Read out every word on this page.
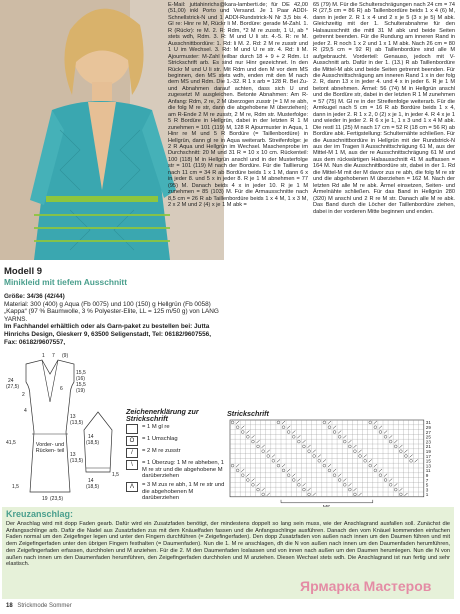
Modell 9
Minikleid mit tiefem Ausschnitt
Größe: 34/36 (42/44)
Material: 300 (400) g Aqua (Fb 0075) und 100 (150) g Hellgrün (Fb 0058) „Kappa“ (97 % Baumwolle, 3 % Polyester-Elite, LL = 125 m/50 g) von LANG YARNS.
Im Fachhandel erhältlich oder als Garn-paket zu bestellen bei: Jutta Hinrichs Design, Gieskerr 9, 63500 Seligenstadt, Tel: 06182/9607556, Fax: 06182/9607557,
E-Mail: juttahinrichs@kara-lamberti.de; für DE 42,00 (51,00) inkl Porto und Versand. Je 1 Paar ADDI-Schnellstrick-N und 1 ADDI-Rundstrick-N Nr 3,5 bis 4. Gl re: Hinr re M, Rückr li M. Bordüre: gerade M-Zahl. 1. R (Rückr): re M. 2. R: Rdm, *2 M re zusstr, 1 U, ab * stets wdh, Rdm. 3. R: M und U li str. 4.-5. R: re M. Ausschnittbordüre: 1. Rd: li M. 2. Rd: 2 M re zusstr und 1 U im Wechsel. 3. Rd: M und U re str. 4. Rd: li M. Ajourmuster: M-Zahl teilbar durch 18 + 9 + 2 Rdm. Lt Strickschrift arb. Es sind nur Hinr gezeichnet. In den Rückr M und U li str. Mit Rdm und den M vor dem MS beginnen, den MS stets wdh, enden mit den M nach dem MS und Rdm. Die 1.-32. R 1 x arb = 128 R. Bei Zu- und Abnahmen darauf achten, dass sich U und zugesetzt M ausgleichen. Betonte Abnahmen: Am R-Anfang: Rdm, 2 re, 2 M überzogen zusstr (= 1 M re abh, die folg M re str, dann die abgehobene M überziehen); am R-Ende 2 M re zusstr, 2 M re, Rdm str. Musterfolge: 5 R Bordüre in Hellgrün, dabei in der letzten R 1 M zunehmen = 101 (119) M, 128 R Ajourmuster in Aqua, 1 Hinr re M und 5 R Bordüre (= Taillenbordüre) in Hellgrün, dann gl re in Aqua weiterarb. Streifenfolge: je 2 R Aqua und Hellgrün im Wechsel. Maschenprobe im Durchschnitt: 20 M und 31 R = 10 x 10 cm. Rückenteil: 100 (118) M in Hellgrün anschl und in der Musterfolge str = 101 (119) M nach der Bordüre. Für die Taillierung nach 11 cm = 34 R ab Bordüre beids 1 x 1 M, dann 6 x in jeder 8. und 5 x in jeder 8. R je 1 M abnehmen = 77 (95) M. Danach beids 4 x in jeder 10. R je 1 M zunehmen = 85 (103) M. Für die Armausschnitte nach 8,5 cm = 26 R ab Taillenbordüre beids 1 x 4 M, 1 x 3 M, 2 x 2 M und 2 (4) x je 1 M abk =
65 (79) M. Für die Schulterschrägungen nach 24 cm = 74 R (27,5 cm = 86 R) ab Taillenbordüre beids 1 x 4 (6) M, dann in jeder 2. R 1 x 4 und 2 x je 5 (3 x je 5) M abk. Gleichzeitig mit der 1. Schulterabnahme für den Halsausschnitt die mittl 31 M abk und beide Seiten getrennt beenden. Für die Rundung am inneren Rand in jeder 2. R noch 1 x 2 und 1 x 1 M abk. Nach 26 cm = 80 R (29,5 cm = 92 R) ab Taillenbordüre sind alle M aufgebraucht. Vorderteil: Genauso, jedoch mit V-Ausschnitt arb. Dafür in der 1. (13.) R ab Taillenbordüre die Mittel-M abk und beide Seiten getrennt beenden. Für die Ausschnittschrägung am inneren Rand 1 x in der folg 2. R, dann 13 x in jeder 4. und 4 x in jeder 6. R je 1 M betont abnehmen. Ärmel: 56 (74) M in Hellgrün anschl und die Bordüre str, dabei in der letzten R 1 M zunehmen = 57 (75) M. Gl re in der Streifenfolge weiterarb. Für die Armkugel nach 5 cm = 16 R ab Bordüre beids 1 x 4, dann in jeder 2. R 1 x 2, 0 (2) x je 1, in jeder 4. R 4 x je 1 und wieder in jeder 2. R 6 x je 1, 1 x 3 und 1 x 4 M abk. Die restl 11 (25) M nach 17 cm = 52 R (18 cm = 56 R) ab Bordüre abk. Fertigstellung: Schulternähte schließen. Für die Ausschnittbordüre in Hellgrün mit der Rundstrick-N aus der im Tragen li Ausschnittschrägung 61 M, aus der Mittel-M 1 M, aus der re Ausschnittschrägung 61 M und aus dem rückwärtigen Halsausschnitt 41 M auffassen = 164 M. Nun die Ausschnittbordüre str, dabei in der 1. Rd die Mittel-M mit der M davor zus re abh, die folg M re str und die abgehobenen M überziehen = 162 M. Nach der letzten Rd alle M re abk. Ärmel einsetzen, Seiten- und Ärmelnähte schließen. Für das Band in Hellgrün 280 (320) M anschl und 2 R re M str. Danach alle M re abk. Das Band durch die Löcher der Taillenbordüre ziehen, dabei in der vorderen Mitte beginnen und enden.
1 7
15,5
(9)
(16)
24
(27,5)
2
15,5
(19)
4
13
(13,5)
41,5
13
(13,5)
1,5
19 (23,5)
6
14
(18,5)
14
(18,5)
1,5
Vorder- und Rücken- teil
Zeichenerklärung zur Strickschrift
= 1 M gl re
O	= 1 Umschlag
/	= 2 M re zusstr
\	= 1 Überzug: 1 M re abheben, 1 M re str und die abgehobene M darüberziehen
Λ	= 3 M zus re abh, 1 M re str und die abgehobenen M darüberziehen
Strickschrift
31
29
27
25
23
21
19
17
15
13
11
9
7
5
3
1
Kreuzanschlag:
Der Anschlag wird mit dopp Faden gearb. Dafür wird ein Zusatzfaden benötigt, der mindestens doppelt so lang sein muss, wie der Anschlagrand ausfallen soll. Zunächst die Anfangsschlinge arb. Dafür die Nadel aus Zusatzfaden zus mit dem Knäuelfaden fassen und die Anfangsschlinge ausführen. Danach den vom Knäuel kommenden einfachen Faden normal um den Zeigefinger legen und unter den Fingern durchführen (= Zeigefingerfaden). Den dopp Zusatzfaden von außen nach innen um den Daumen führen und mit dem Zeigefingerfaden unter den übrigen Fingern festhalten (= Daumenfaden). Nun die 1. M re anschlagen, dh die N von außen nach innen um den Daumenfaden herumführen, den Zeigefingerfaden erfassen, durchholen und M anziehen. Für die 2. M den Daumenfaden loslassen und von innen nach außen um den Daumen herumlegen. Nun die N von außen nach innen um den Daumenfaden herumführen, den Zeigefingerfaden durchholen und M anziehen. Diesen Wechsel stets wdh. Die Anschlagrand ist nun fertig und sehr elastisch.
Ярмарка Мастеров
18 Strickmode Sommer
